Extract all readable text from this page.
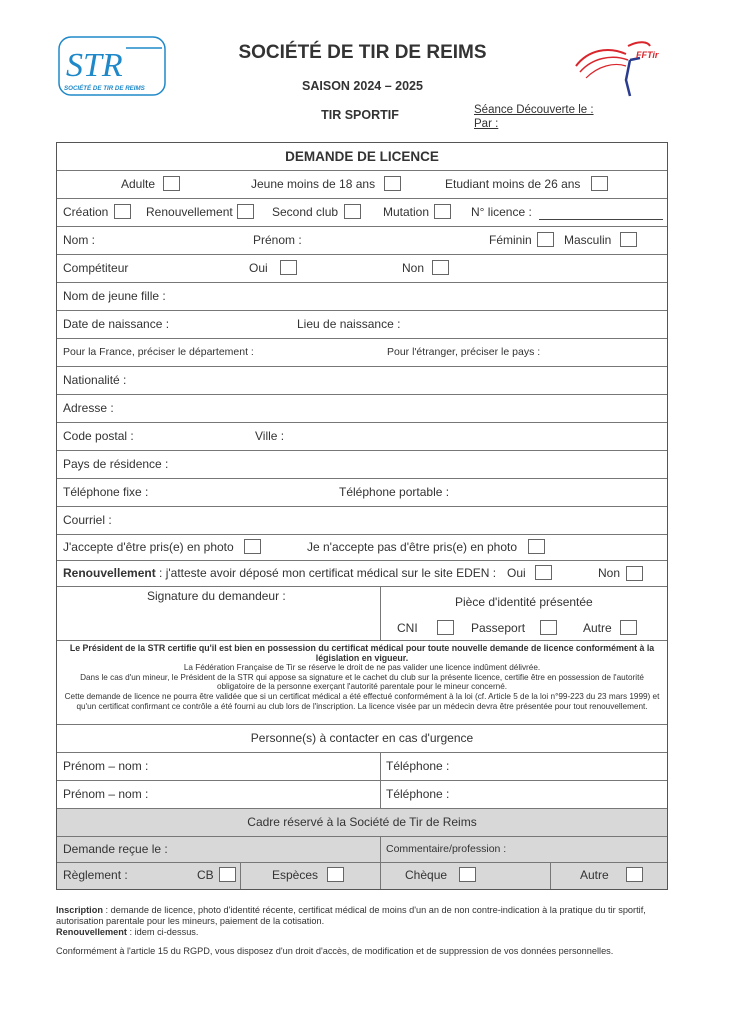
STR
SOCIÉTÉ DE TIR DE REIMS
SOCIÉTÉ DE TIR DE REIMS
SAISON 2024 – 2025
TIR SPORTIF	Séance Découverte le :
Par :
FFTir
DEMANDE DE LICENCE
Adulte	Jeune moins de 18 ans	Etudiant moins de 26 ans
Création	Renouvellement	Second club	Mutation	N° licence :
Nom :	Prénom :	Féminin	Masculin
Compétiteur	Oui	Non
Nom de jeune fille :
Date de naissance :	Lieu de naissance :
Pour la France, préciser le département :	Pour l'étranger, préciser le pays :
Nationalité :
Adresse :
Code postal :	Ville :
Pays de résidence :
Téléphone fixe :	Téléphone portable :
Courriel :
J'accepte d'être pris(e) en photo	Je n'accepte pas d'être pris(e) en photo
Renouvellement : j'atteste avoir déposé mon certificat médical sur le site EDEN : Oui	Non
Signature du demandeur :	Pièce d'identité présentée
CNI	Passeport	Autre
Le Président de la STR certifie qu'il est bien en possession du certificat médical pour toute nouvelle demande de licence conformément à la législation en vigueur.
La Fédération Française de Tir se réserve le droit de ne pas valider une licence indûment délivrée.
Dans le cas d'un mineur, le Président de la STR qui appose sa signature et le cachet du club sur la présente licence, certifie être en possession de l'autorité obligatoire de la personne exerçant l'autorité parentale pour le mineur concerné.
Cette demande de licence ne pourra être validée que si un certificat médical a été effectué conformément à la loi (cf. Article 5 de la loi n°99-223 du 23 mars 1999) et qu'un certificat confirmant ce contrôle a été fourni au club lors de l'inscription. La licence visée par un médecin devra être présentée pour tout renouvellement.
Personne(s) à contacter en cas d'urgence
Prénom – nom :	Téléphone :
Prénom – nom :	Téléphone :
Cadre réservé à la Société de Tir de Reims
Demande reçue le :	Commentaire/profession :
Règlement :	CB	Espèces	Chèque	Autre
Inscription : demande de licence, photo d'identité récente, certificat médical de moins d'un an de non contre-indication à la pratique du tir sportif, autorisation parentale pour les mineurs, paiement de la cotisation.
Renouvellement : idem ci-dessus.
Conformément à l'article 15 du RGPD, vous disposez d'un droit d'accès, de modification et de suppression de vos données personnelles.
